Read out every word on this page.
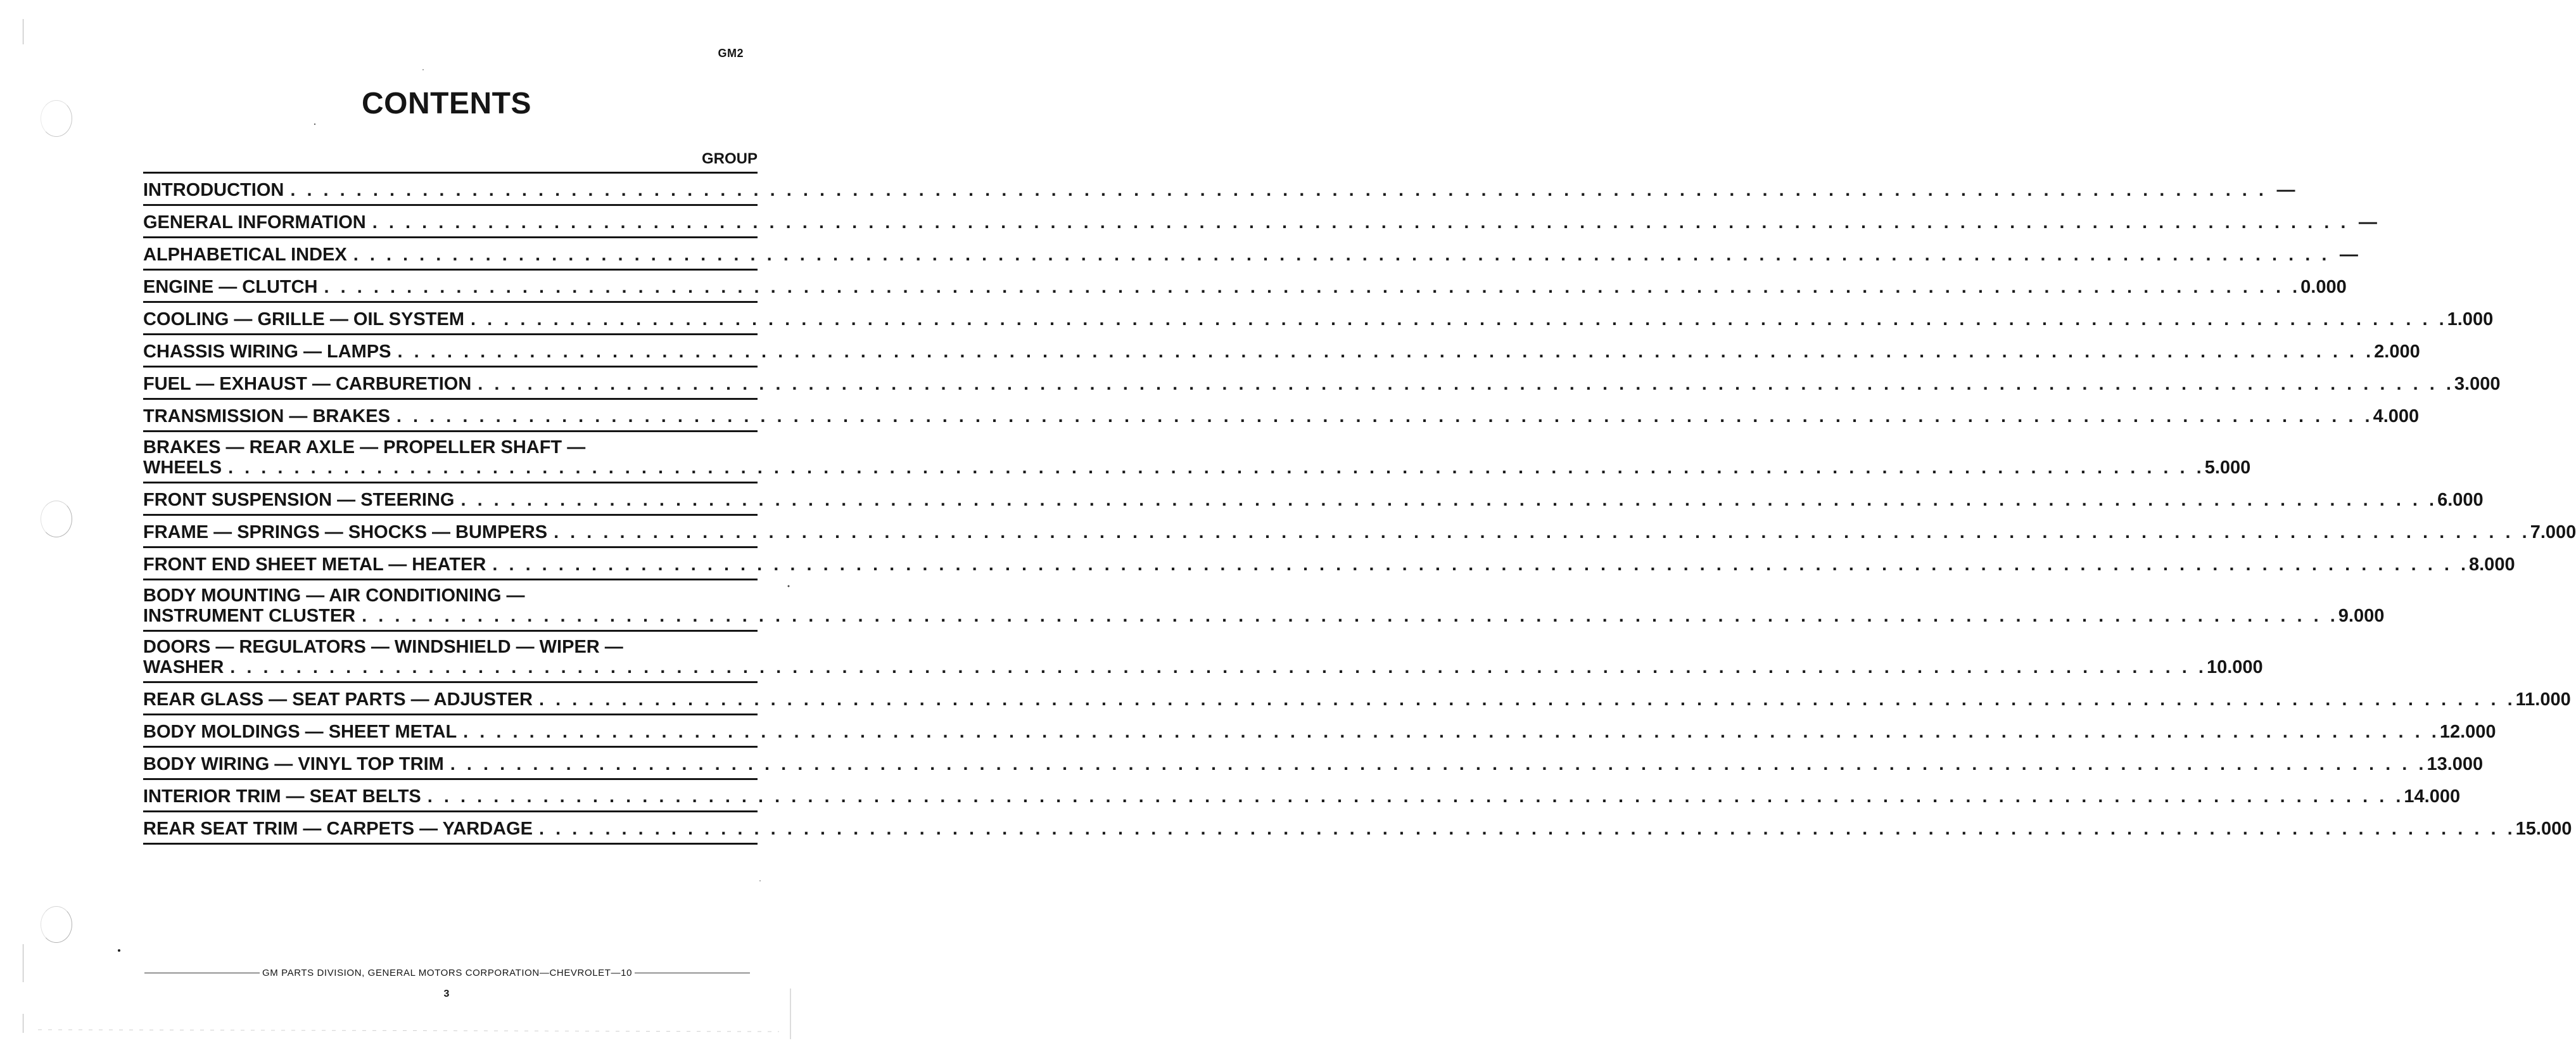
GM2
CONTENTS
GROUP
INTRODUCTION . . . . . . . . . . . . . . . . . . . . . . . . . . . . . . . . . . . . . . . . . . . . . . . . . . . . . . . . . . . . . . . . . . . . . . . . . . . . . . . . . . . . . . . . . . . . . . . . . . . . . . . . . . . . . . . . . . . . . . . . —
GENERAL INFORMATION . . . . . . . . . . . . . . . . . . . . . . . . . . . . . . . . . . . . . . . . . . . . . . . . . . . . . . . . . . . . . . . . . . . . . . . . . . . . . . . . . . . . . . . . . . . . . . . . . . . . . . . . . . . . . . . . . . . . . . . . —
ALPHABETICAL INDEX . . . . . . . . . . . . . . . . . . . . . . . . . . . . . . . . . . . . . . . . . . . . . . . . . . . . . . . . . . . . . . . . . . . . . . . . . . . . . . . . . . . . . . . . . . . . . . . . . . . . . . . . . . . . . . . . . . . . . . . . —
ENGINE — CLUTCH . . . . . . . . . . . . . . . . . . . . . . . . . . . . . . . . . . . . . . . . . . . . . . . . . . . . . . . . . . . . . . . . . . . . . . . . . . . . . . . . . . . . . . . . . . . . . . . . . . . . . . . . . . . . . . . . . . . . . . . . 0.000
COOLING — GRILLE — OIL SYSTEM . . . . . . . . . . . . . . . . . . . . . . . . . . . . . . . . . . . . . . . . . . . . . . . . . . . . . . . . . . . . . . . . . . . . . . . . . . . . . . . . . . . . . . . . . . . . . . . . . . . . . . . . . . . . . . . . . . . . . . . . 1.000
CHASSIS WIRING — LAMPS . . . . . . . . . . . . . . . . . . . . . . . . . . . . . . . . . . . . . . . . . . . . . . . . . . . . . . . . . . . . . . . . . . . . . . . . . . . . . . . . . . . . . . . . . . . . . . . . . . . . . . . . . . . . . . . . . . . . . . . . 2.000
FUEL — EXHAUST — CARBURETION . . . . . . . . . . . . . . . . . . . . . . . . . . . . . . . . . . . . . . . . . . . . . . . . . . . . . . . . . . . . . . . . . . . . . . . . . . . . . . . . . . . . . . . . . . . . . . . . . . . . . . . . . . . . . . . . . . . . . . . . 3.000
TRANSMISSION — BRAKES . . . . . . . . . . . . . . . . . . . . . . . . . . . . . . . . . . . . . . . . . . . . . . . . . . . . . . . . . . . . . . . . . . . . . . . . . . . . . . . . . . . . . . . . . . . . . . . . . . . . . . . . . . . . . . . . . . . . . . . . 4.000
BRAKES — REAR AXLE — PROPELLER SHAFT —
WHEELS . . . . . . . . . . . . . . . . . . . . . . . . . . . . . . . . . . . . . . . . . . . . . . . . . . . . . . . . . . . . . . . . . . . . . . . . . . . . . . . . . . . . . . . . . . . . . . . . . . . . . . . . . . . . . . . . . . . . . . . . 5.000
FRONT SUSPENSION — STEERING . . . . . . . . . . . . . . . . . . . . . . . . . . . . . . . . . . . . . . . . . . . . . . . . . . . . . . . . . . . . . . . . . . . . . . . . . . . . . . . . . . . . . . . . . . . . . . . . . . . . . . . . . . . . . . . . . . . . . . . . 6.000
FRAME — SPRINGS — SHOCKS — BUMPERS . . . . . . . . . . . . . . . . . . . . . . . . . . . . . . . . . . . . . . . . . . . . . . . . . . . . . . . . . . . . . . . . . . . . . . . . . . . . . . . . . . . . . . . . . . . . . . . . . . . . . . . . . . . . . . . . . . . . . . . . 7.000
FRONT END SHEET METAL — HEATER . . . . . . . . . . . . . . . . . . . . . . . . . . . . . . . . . . . . . . . . . . . . . . . . . . . . . . . . . . . . . . . . . . . . . . . . . . . . . . . . . . . . . . . . . . . . . . . . . . . . . . . . . . . . . . . . . . . . . . . . 8.000
BODY MOUNTING — AIR CONDITIONING —
INSTRUMENT CLUSTER . . . . . . . . . . . . . . . . . . . . . . . . . . . . . . . . . . . . . . . . . . . . . . . . . . . . . . . . . . . . . . . . . . . . . . . . . . . . . . . . . . . . . . . . . . . . . . . . . . . . . . . . . . . . . . . . . . . . . . . . 9.000
DOORS — REGULATORS — WINDSHIELD — WIPER —
WASHER . . . . . . . . . . . . . . . . . . . . . . . . . . . . . . . . . . . . . . . . . . . . . . . . . . . . . . . . . . . . . . . . . . . . . . . . . . . . . . . . . . . . . . . . . . . . . . . . . . . . . . . . . . . . . . . . . . . . . . . . 10.000
REAR GLASS — SEAT PARTS — ADJUSTER . . . . . . . . . . . . . . . . . . . . . . . . . . . . . . . . . . . . . . . . . . . . . . . . . . . . . . . . . . . . . . . . . . . . . . . . . . . . . . . . . . . . . . . . . . . . . . . . . . . . . . . . . . . . . . . . . . . . . . . . 11.000
BODY MOLDINGS — SHEET METAL . . . . . . . . . . . . . . . . . . . . . . . . . . . . . . . . . . . . . . . . . . . . . . . . . . . . . . . . . . . . . . . . . . . . . . . . . . . . . . . . . . . . . . . . . . . . . . . . . . . . . . . . . . . . . . . . . . . . . . . . 12.000
BODY WIRING — VINYL TOP TRIM . . . . . . . . . . . . . . . . . . . . . . . . . . . . . . . . . . . . . . . . . . . . . . . . . . . . . . . . . . . . . . . . . . . . . . . . . . . . . . . . . . . . . . . . . . . . . . . . . . . . . . . . . . . . . . . . . . . . . . . . 13.000
INTERIOR TRIM — SEAT BELTS . . . . . . . . . . . . . . . . . . . . . . . . . . . . . . . . . . . . . . . . . . . . . . . . . . . . . . . . . . . . . . . . . . . . . . . . . . . . . . . . . . . . . . . . . . . . . . . . . . . . . . . . . . . . . . . . . . . . . . . . 14.000
REAR SEAT TRIM — CARPETS — YARDAGE . . . . . . . . . . . . . . . . . . . . . . . . . . . . . . . . . . . . . . . . . . . . . . . . . . . . . . . . . . . . . . . . . . . . . . . . . . . . . . . . . . . . . . . . . . . . . . . . . . . . . . . . . . . . . . . . . . . . . . . . 15.000
GM PARTS DIVISION, GENERAL MOTORS CORPORATION—CHEVROLET—10
3
